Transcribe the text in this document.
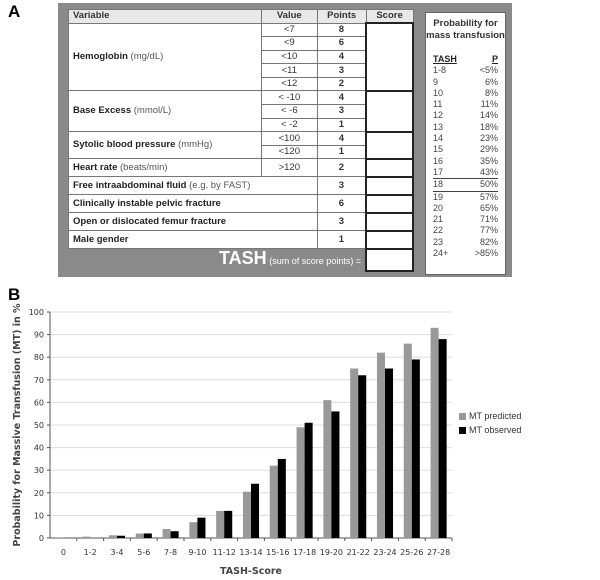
A	Variable	Value	Points	Score
Hemoglobin (mg/dL)	<7	8	
	<9	6	
	<10	4	
	<11	3	
	<12	2	
Base Excess (mmol/L)	< -10	4	
	< -6	3	
	< -2	1	
Sytolic blood pressure (mmHg)	<100	4	
	<120	1	
Heart rate (beats/min)	>120	2	
Free intraabdominal fluid (e.g. by FAST)		3	
Clinically instable pelvic fracture		6	
Open or dislocated femur fracture		3	
Male gender		1	
TASH (sum of score points) =			
Probability for mass transfusion
TASH	P
1-8	<5%
9	6%
10	8%
11	11%
12	14%
13	18%
14	23%
15	29%
16	35%
17	43%
18	50%
19	57%
20	65%
21	71%
22	77%
23	82%
24+	>85%
B
0
10
20
30
40
50
60
70
80
90
100
0 1-2 3-4 5-6 7-8 9-10 11-12 13-14 15-16 17-18 19-20 21-22 23-24 25-26 27-28
TASH-Score
Probability for Massive Transfusion (MT) in %	MT predicted
MT observed
